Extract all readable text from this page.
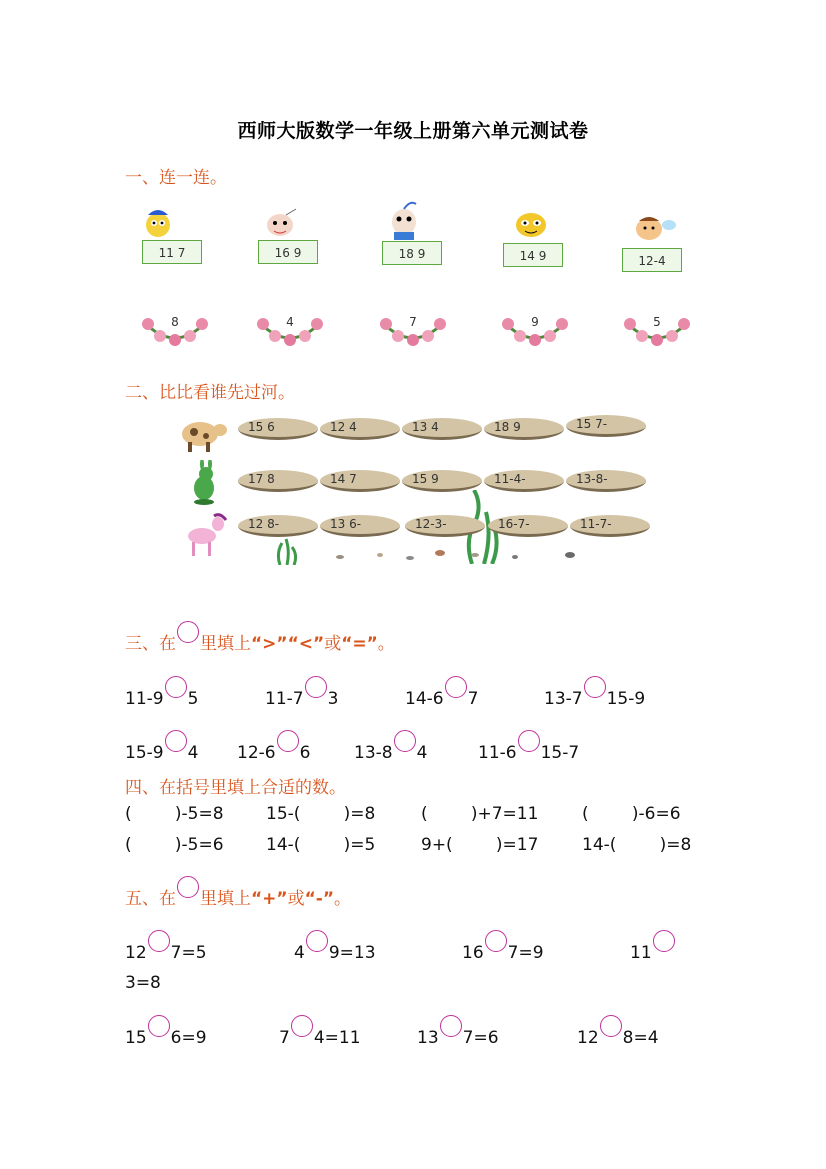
西师大版数学一年级上册第六单元测试卷
一、连一连。
11 7	16 9	18 9	14 9	12-4
8	4	7	9	5
二、比比看谁先过河。
15 6	12 4	13 4	18 9	15 7-
17 8	14 7	15 9	11-4-	13-8-
12 8-	13 6-	12-3-	16-7-	11-7-
三、在 里填上“>”“<”或“=”。
11-9 5	11-7 3	14-6 7	13-7 15-9
15-9 4 12-6 6	13-8 4	11-6 15-7
四、在括号里填上合适的数。
(        )-5=8 15-(        )=8	(        )+7=11	(        )-6=6
(        )-5=6 14-(        )=5	9+(        )=17	14-(        )=8
五、在 里填上“+”或“-”。
12 7=5	4 9=13	16 7=9	11
3=8
15 6=9	7 4=11	13 7=6	12 8=4
